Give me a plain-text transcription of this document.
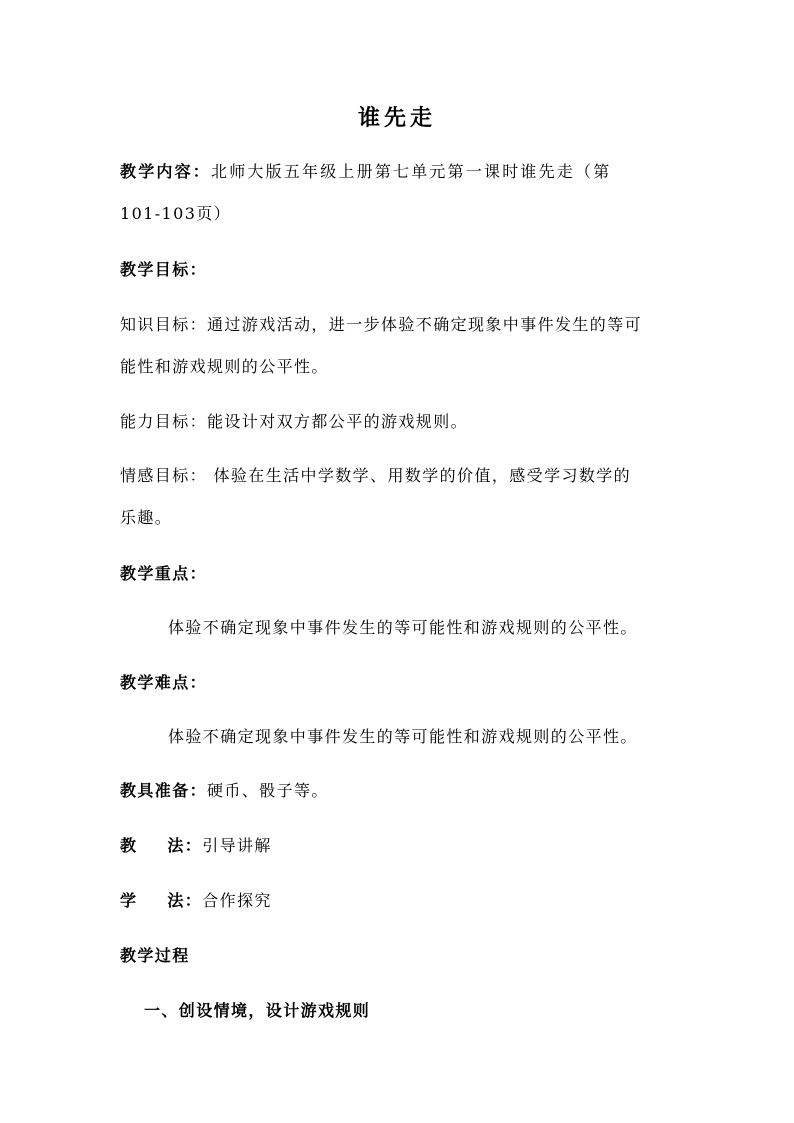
谁先走
教学内容：北师大版五年级上册第七单元第一课时谁先走（第
101-103页）
教学目标：
知识目标：通过游戏活动，进一步体验不确定现象中事件发生的等可
能性和游戏规则的公平性。
能力目标：能设计对双方都公平的游戏规则。
情感目标： 体验在生活中学数学、用数学的价值，感受学习数学的
乐趣。
教学重点：
体验不确定现象中事件发生的等可能性和游戏规则的公平性。
教学难点：
体验不确定现象中事件发生的等可能性和游戏规则的公平性。
教具准备：硬币、骰子等。
教 法：引导讲解
学 法：合作探究
教学过程
一、创设情境，设计游戏规则
